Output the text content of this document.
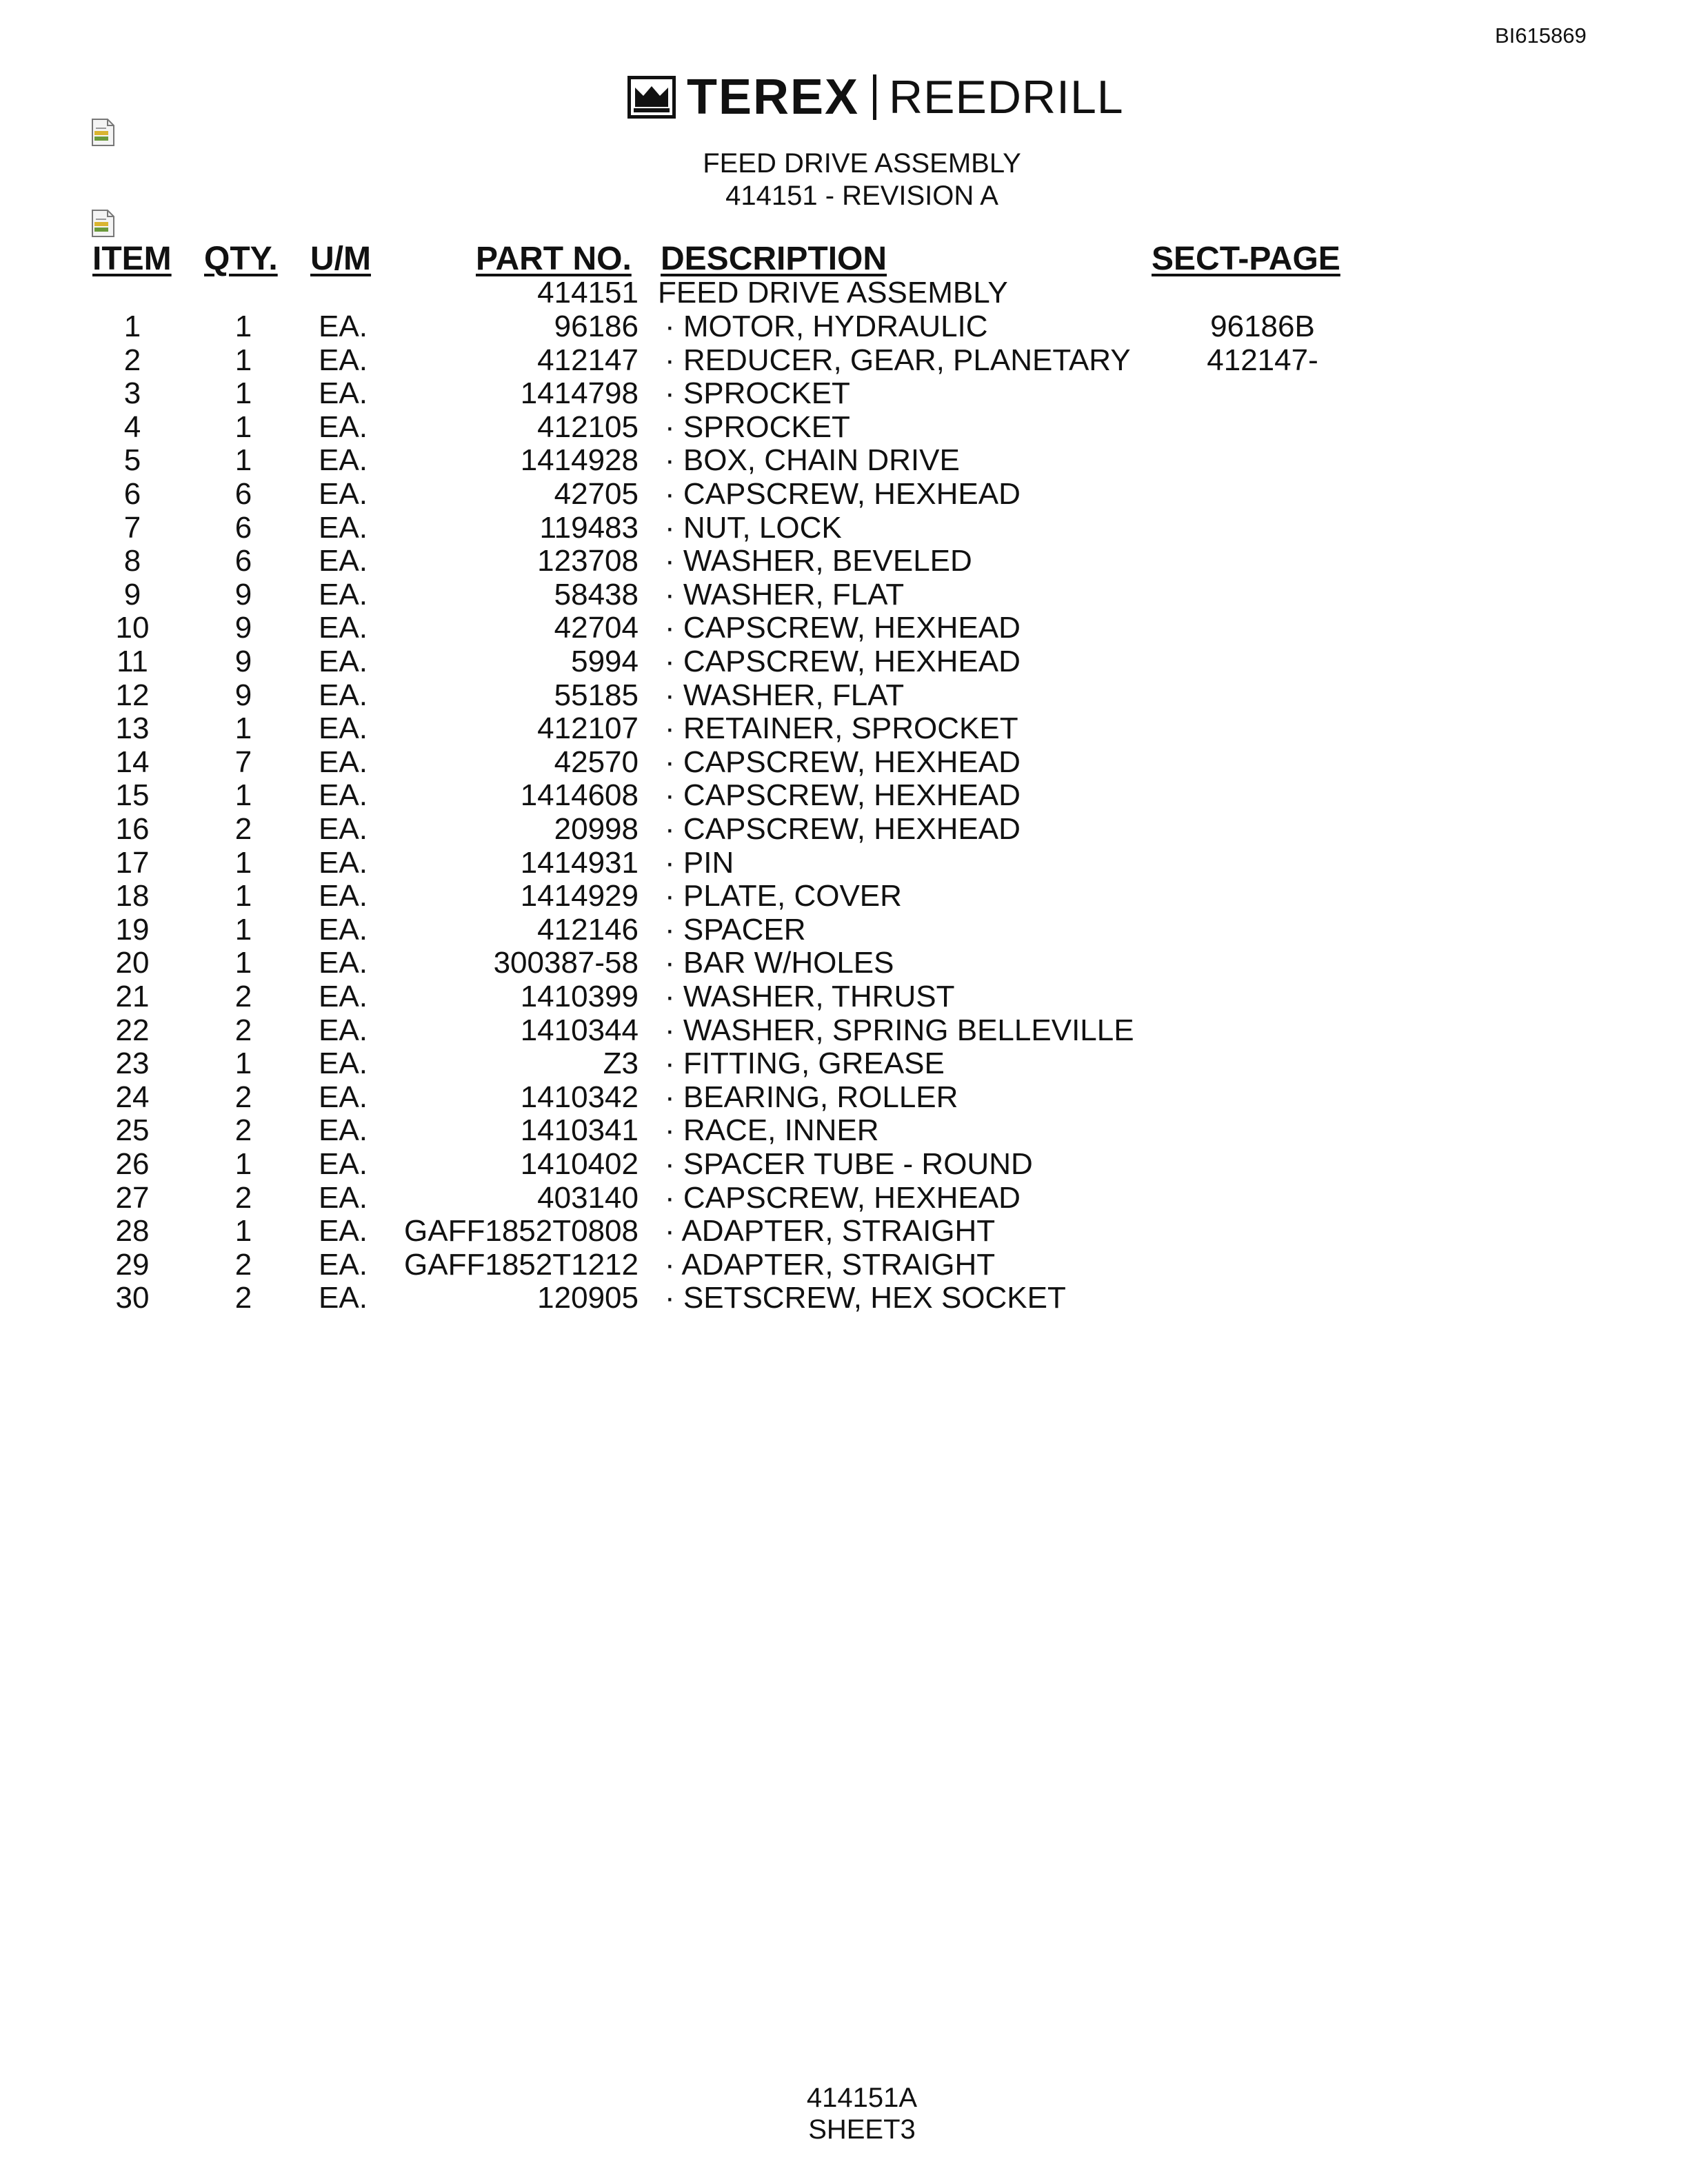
BI615869
TEREX REEDRILL
FEED DRIVE ASSEMBLY
414151 - REVISION A
ITEM QTY. U/M	PART NO. DESCRIPTION	SECT-PAGE
414151 FEED DRIVE ASSEMBLY
1	1	EA.	96186 · MOTOR, HYDRAULIC	96186B
2	1	EA.	412147 · REDUCER, GEAR, PLANETARY	412147-
3	1	EA.	1414798 · SPROCKET
4	1	EA.	412105 · SPROCKET
5	1	EA.	1414928 · BOX, CHAIN DRIVE
6	6	EA.	42705 · CAPSCREW, HEXHEAD
7	6	EA.	119483 · NUT, LOCK
8	6	EA.	123708 · WASHER, BEVELED
9	9	EA.	58438 · WASHER, FLAT
10	9	EA.	42704 · CAPSCREW, HEXHEAD
11	9	EA.	5994 · CAPSCREW, HEXHEAD
12	9	EA.	55185 · WASHER, FLAT
13	1	EA.	412107 · RETAINER, SPROCKET
14	7	EA.	42570 · CAPSCREW, HEXHEAD
15	1	EA.	1414608 · CAPSCREW, HEXHEAD
16	2	EA.	20998 · CAPSCREW, HEXHEAD
17	1	EA.	1414931 · PIN
18	1	EA.	1414929 · PLATE, COVER
19	1	EA.	412146 · SPACER
20	1	EA.	300387-58 · BAR W/HOLES
21	2	EA.	1410399 · WASHER, THRUST
22	2	EA.	1410344 · WASHER, SPRING BELLEVILLE
23	1	EA.	Z3 · FITTING, GREASE
24	2	EA.	1410342 · BEARING, ROLLER
25	2	EA.	1410341 · RACE, INNER
26	1	EA.	1410402 · SPACER TUBE - ROUND
27	2	EA.	403140 · CAPSCREW, HEXHEAD
28	1	EA. GAFF1852T0808 · ADAPTER, STRAIGHT
29	2	EA. GAFF1852T1212 · ADAPTER, STRAIGHT
30	2	EA.	120905 · SETSCREW, HEX SOCKET
414151A
SHEET3
